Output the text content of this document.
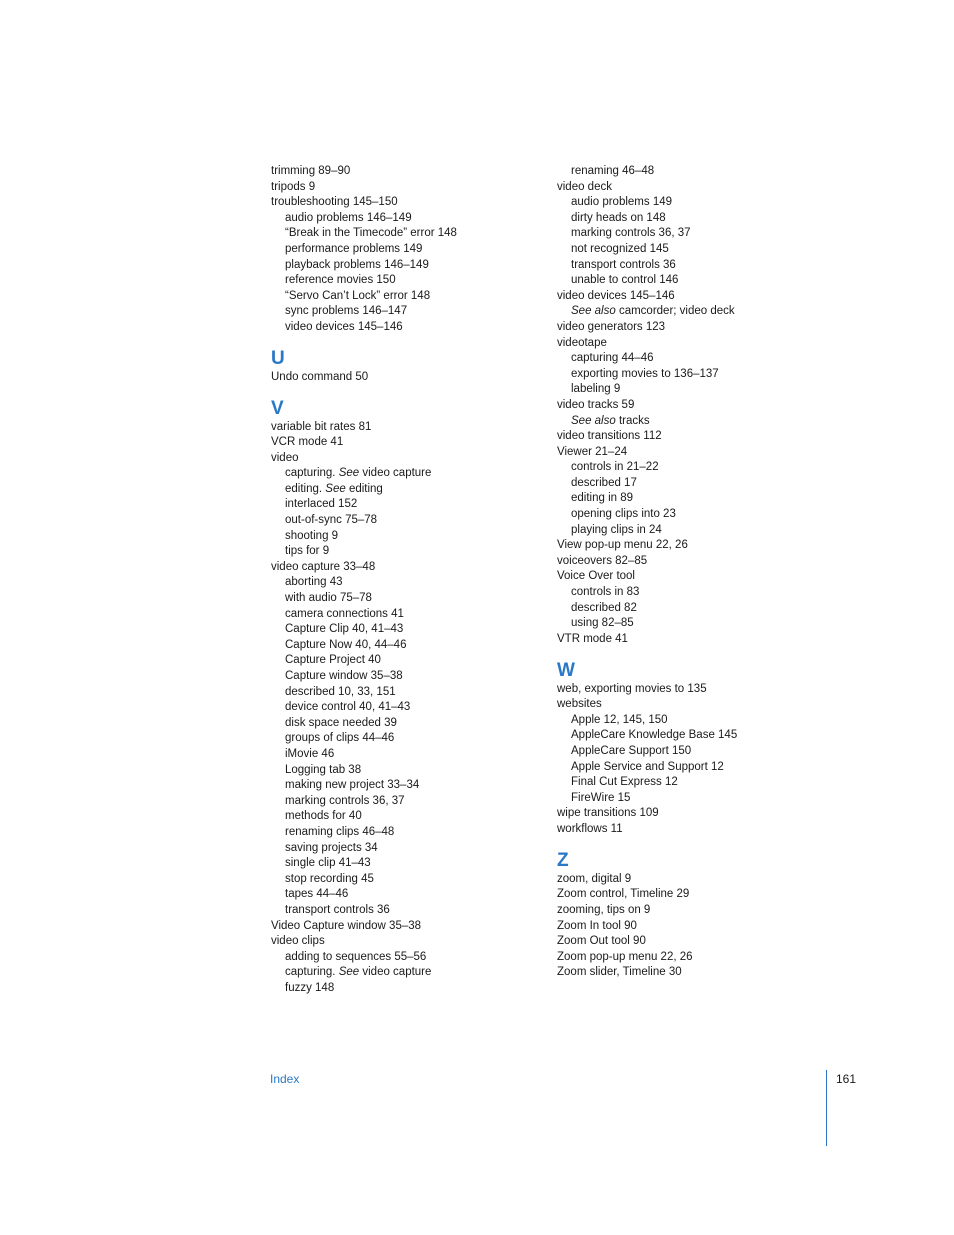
trimming 89–90
tripods 9
troubleshooting 145–150
audio problems 146–149
“Break in the Timecode” error 148
performance problems 149
playback problems 146–149
reference movies 150
“Servo Can’t Lock” error 148
sync problems 146–147
video devices 145–146
U
Undo command 50
V
variable bit rates 81
VCR mode 41
video
capturing. See video capture
editing. See editing
interlaced 152
out-of-sync 75–78
shooting 9
tips for 9
video capture 33–48
aborting 43
with audio 75–78
camera connections 41
Capture Clip 40, 41–43
Capture Now 40, 44–46
Capture Project 40
Capture window 35–38
described 10, 33, 151
device control 40, 41–43
disk space needed 39
groups of clips 44–46
iMovie 46
Logging tab 38
making new project 33–34
marking controls 36, 37
methods for 40
renaming clips 46–48
saving projects 34
single clip 41–43
stop recording 45
tapes 44–46
transport controls 36
Video Capture window 35–38
video clips
adding to sequences 55–56
capturing. See video capture
fuzzy 148
renaming 46–48
video deck
audio problems 149
dirty heads on 148
marking controls 36, 37
not recognized 145
transport controls 36
unable to control 146
video devices 145–146
See also camcorder; video deck
video generators 123
videotape
capturing 44–46
exporting movies to 136–137
labeling 9
video tracks 59
See also tracks
video transitions 112
Viewer 21–24
controls in 21–22
described 17
editing in 89
opening clips into 23
playing clips in 24
View pop-up menu 22, 26
voiceovers 82–85
Voice Over tool
controls in 83
described 82
using 82–85
VTR mode 41
W
web, exporting movies to 135
websites
Apple 12, 145, 150
AppleCare Knowledge Base 145
AppleCare Support 150
Apple Service and Support 12
Final Cut Express 12
FireWire 15
wipe transitions 109
workflows 11
Z
zoom, digital 9
Zoom control, Timeline 29
zooming, tips on 9
Zoom In tool 90
Zoom Out tool 90
Zoom pop-up menu 22, 26
Zoom slider, Timeline 30
Index	161
